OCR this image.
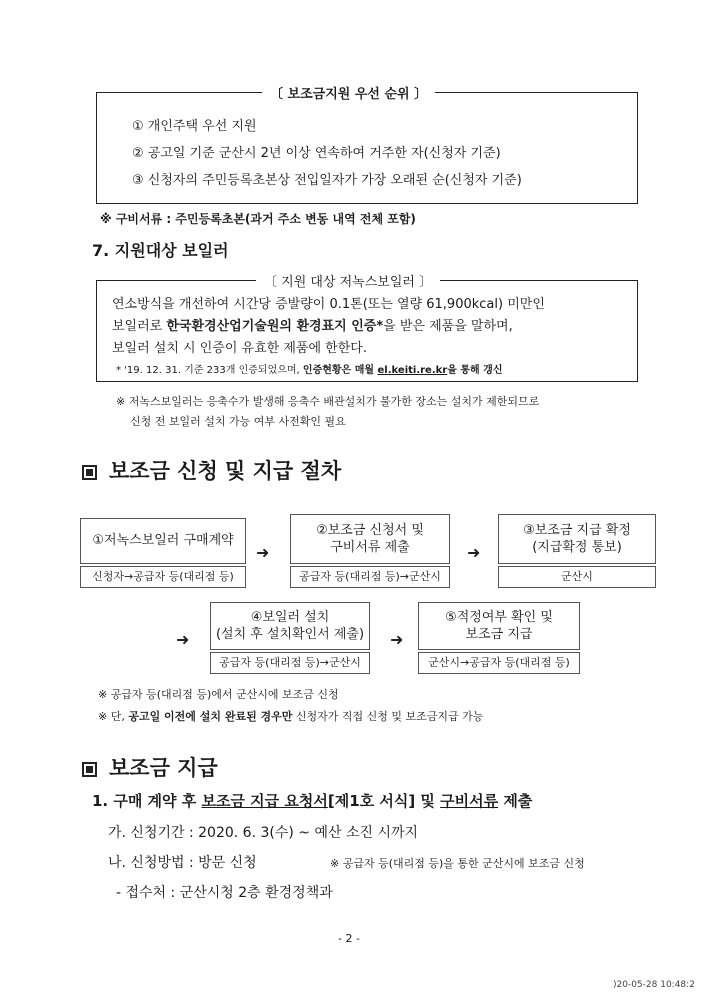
〔 보조금지원 우선 순위 〕
① 개인주택 우선 지원
② 공고일 기준 군산시 2년 이상 연속하여 거주한 자(신청자 기준)
③ 신청자의 주민등록초본상 전입일자가 가장 오래된 순(신청자 기준)
※ 구비서류 : 주민등록초본(과거 주소 변동 내역 전체 포함)
7. 지원대상 보일러
〔 지원 대상 저녹스보일러 〕
연소방식을 개선하여 시간당 증발량이 0.1톤(또는 열량 61,900kcal) 미만인
보일러로 한국환경산업기술원의 환경표지 인증*을 받은 제품을 말하며,
보일러 설치 시 인증이 유효한 제품에 한한다.
* '19. 12. 31. 기준 233개 인증되었으며, 인증현황은 매월 el.keiti.re.kr을 통해 갱신
※ 저녹스보일러는 응축수가 발생해 응축수 배관설치가 불가한 장소는 설치가 제한되므로
신청 전 보일러 설치 가능 여부 사전확인 필요
보조금 신청 및 지급 절차
①저녹스보일러 구매계약
신청자→공급자 등(대리점 등)
➜
②보조금 신청서 및
구비서류 제출
공급자 등(대리점 등)→군산시
➜
③보조금 지급 확정
(지급확정 통보)
군산시
➜
④보일러 설치
(설치 후 설치확인서 제출)
공급자 등(대리점 등)→군산시
➜
⑤적정여부 확인 및
보조금 지급
군산시→공급자 등(대리점 등)
※ 공급자 등(대리점 등)에서 군산시에 보조금 신청
※ 단, 공고일 이전에 설치 완료된 경우만 신청자가 직접 신청 및 보조금지급 가능
보조금 지급
1. 구매 계약 후 보조금 지급 요청서[제1호 서식] 및 구비서류 제출
가. 신청기간 : 2020. 6. 3(수) ~ 예산 소진 시까지
나. 신청방법 : 방문 신청	※ 공급자 등(대리점 등)을 통한 군산시에 보조금 신청
- 접수처 : 군산시청 2층 환경정책과
- 2 -
)20-05-28 10:48:2
